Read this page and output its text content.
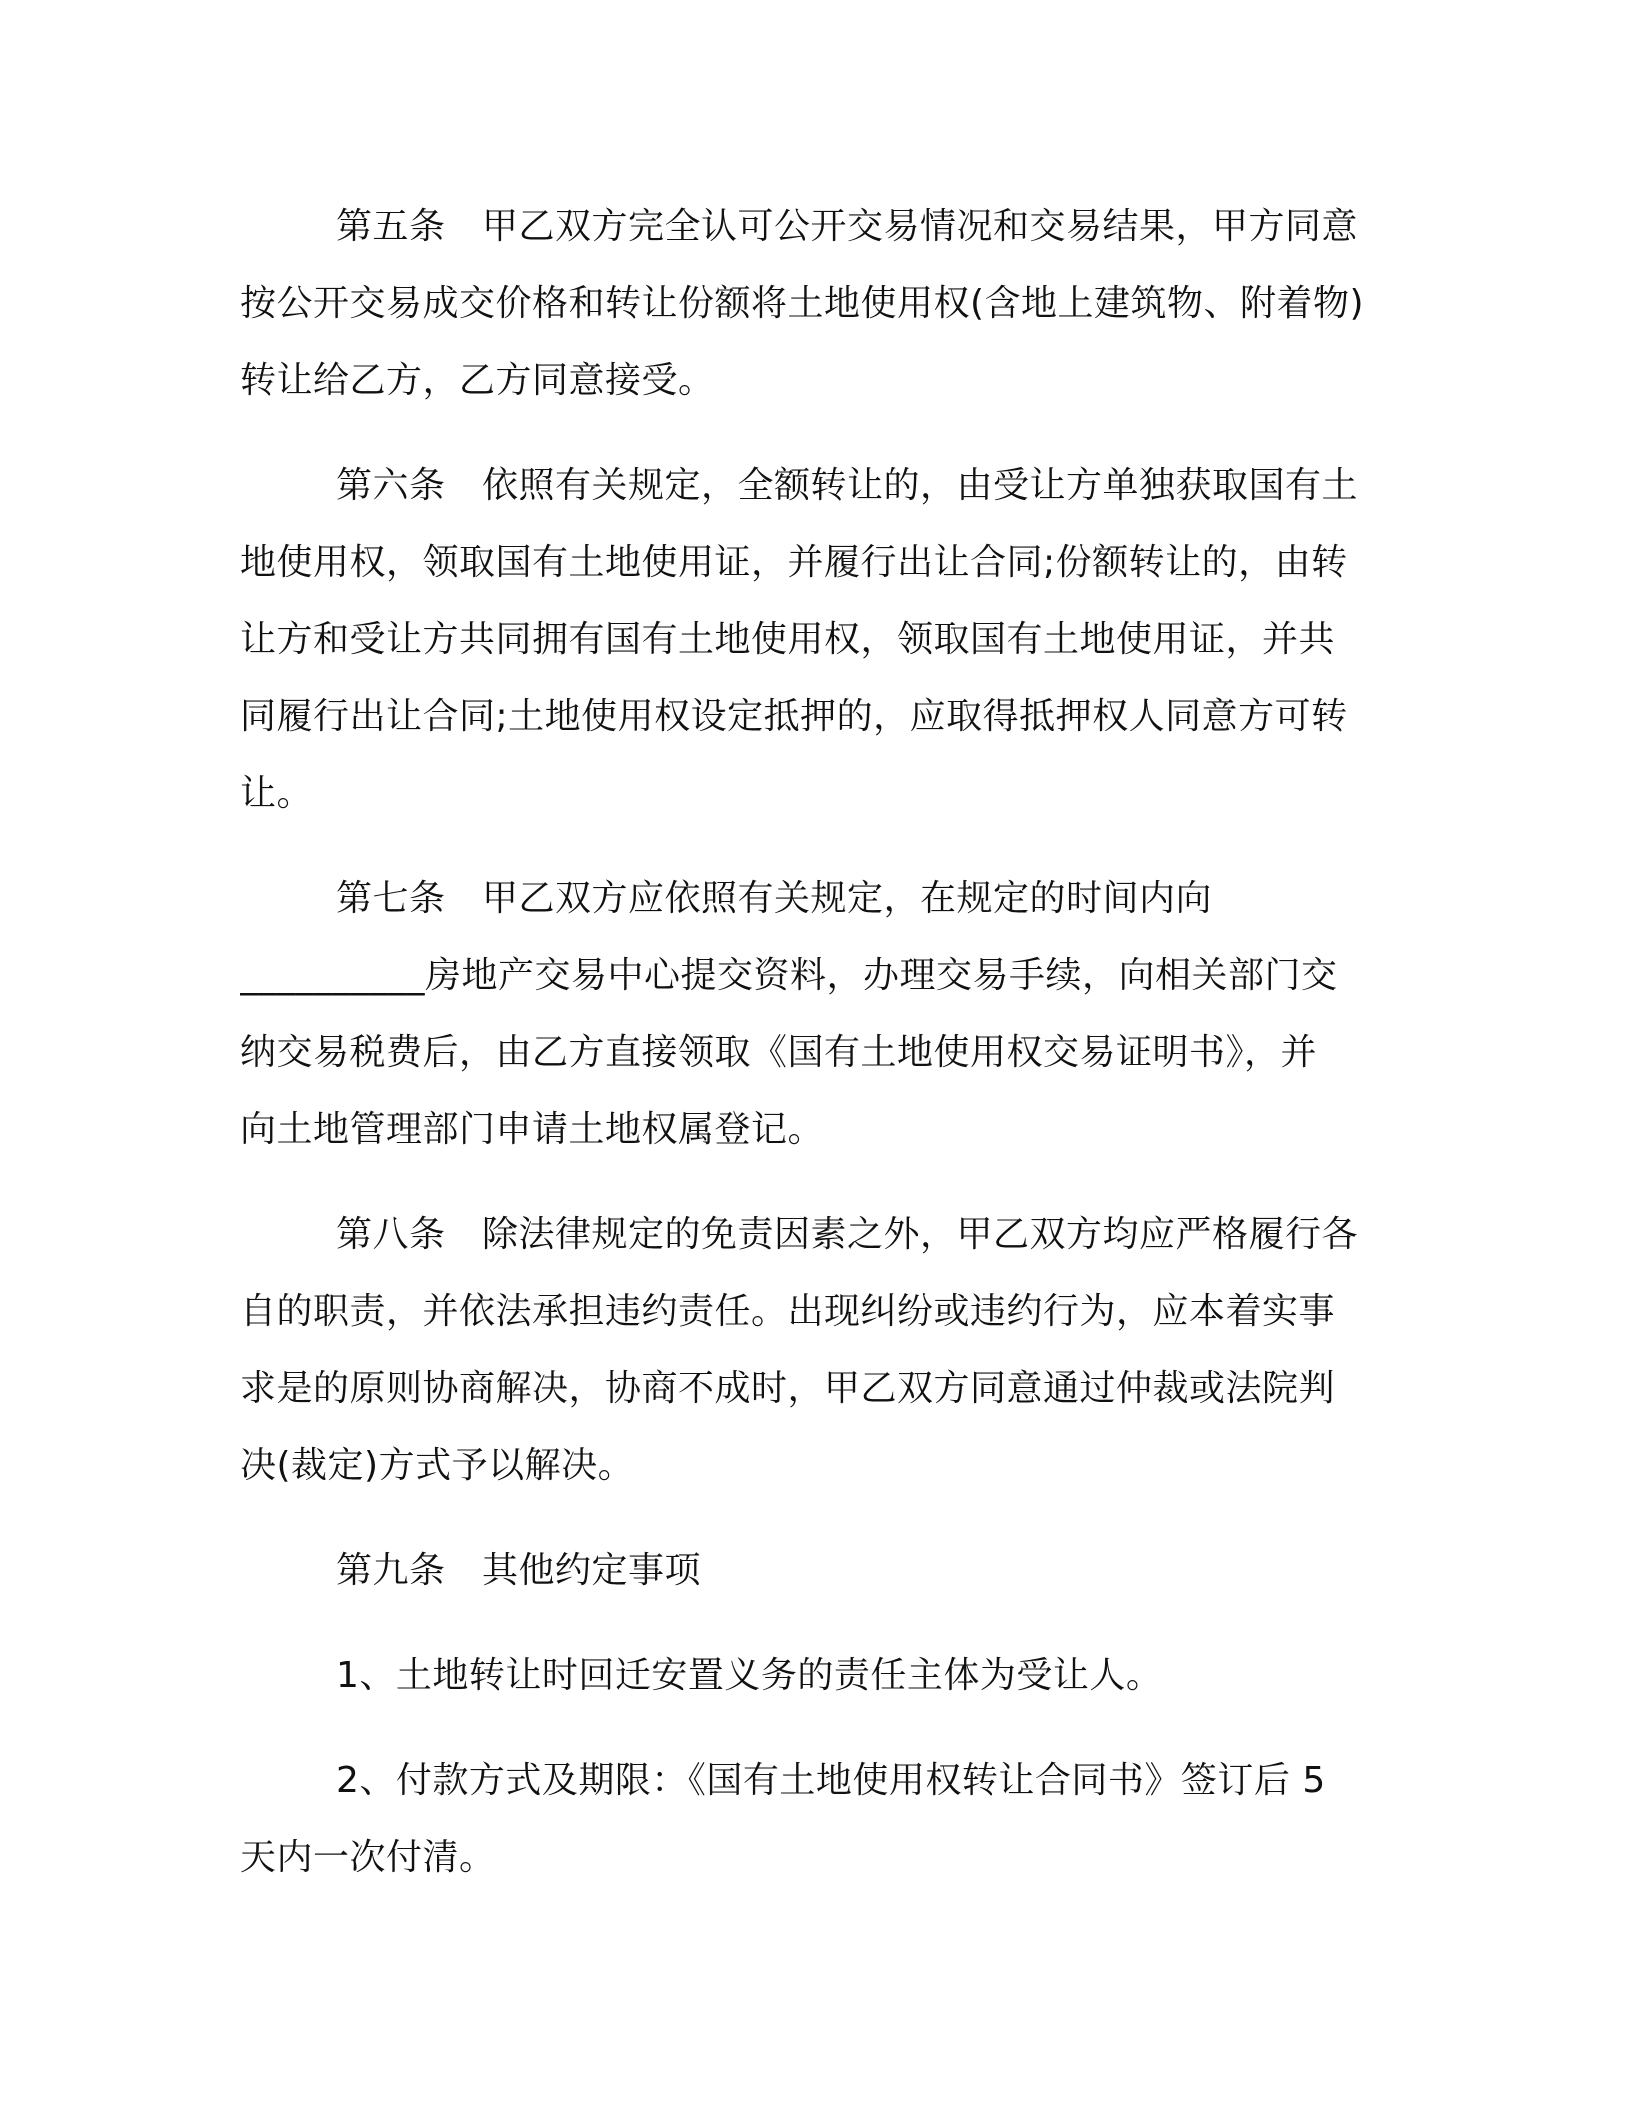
第五条　甲乙双方完全认可公开交易情况和交易结果，甲方同意
按公开交易成交价格和转让份额将土地使用权(含地上建筑物、附着物)
转让给乙方，乙方同意接受。
第六条　依照有关规定，全额转让的，由受让方单独获取国有土
地使用权，领取国有土地使用证，并履行出让合同;份额转让的，由转
让方和受让方共同拥有国有土地使用权，领取国有土地使用证，并共
同履行出让合同;土地使用权设定抵押的，应取得抵押权人同意方可转
让。
第七条　甲乙双方应依照有关规定，在规定的时间内向
__________房地产交易中心提交资料，办理交易手续，向相关部门交
纳交易税费后，由乙方直接领取《国有土地使用权交易证明书》，并
向土地管理部门申请土地权属登记。
第八条　除法律规定的免责因素之外，甲乙双方均应严格履行各
自的职责，并依法承担违约责任。出现纠纷或违约行为，应本着实事
求是的原则协商解决，协商不成时，甲乙双方同意通过仲裁或法院判
决(裁定)方式予以解决。
第九条　其他约定事项
1、土地转让时回迁安置义务的责任主体为受让人。
2、付款方式及期限：《国有土地使用权转让合同书》签订后 5
天内一次付清。
